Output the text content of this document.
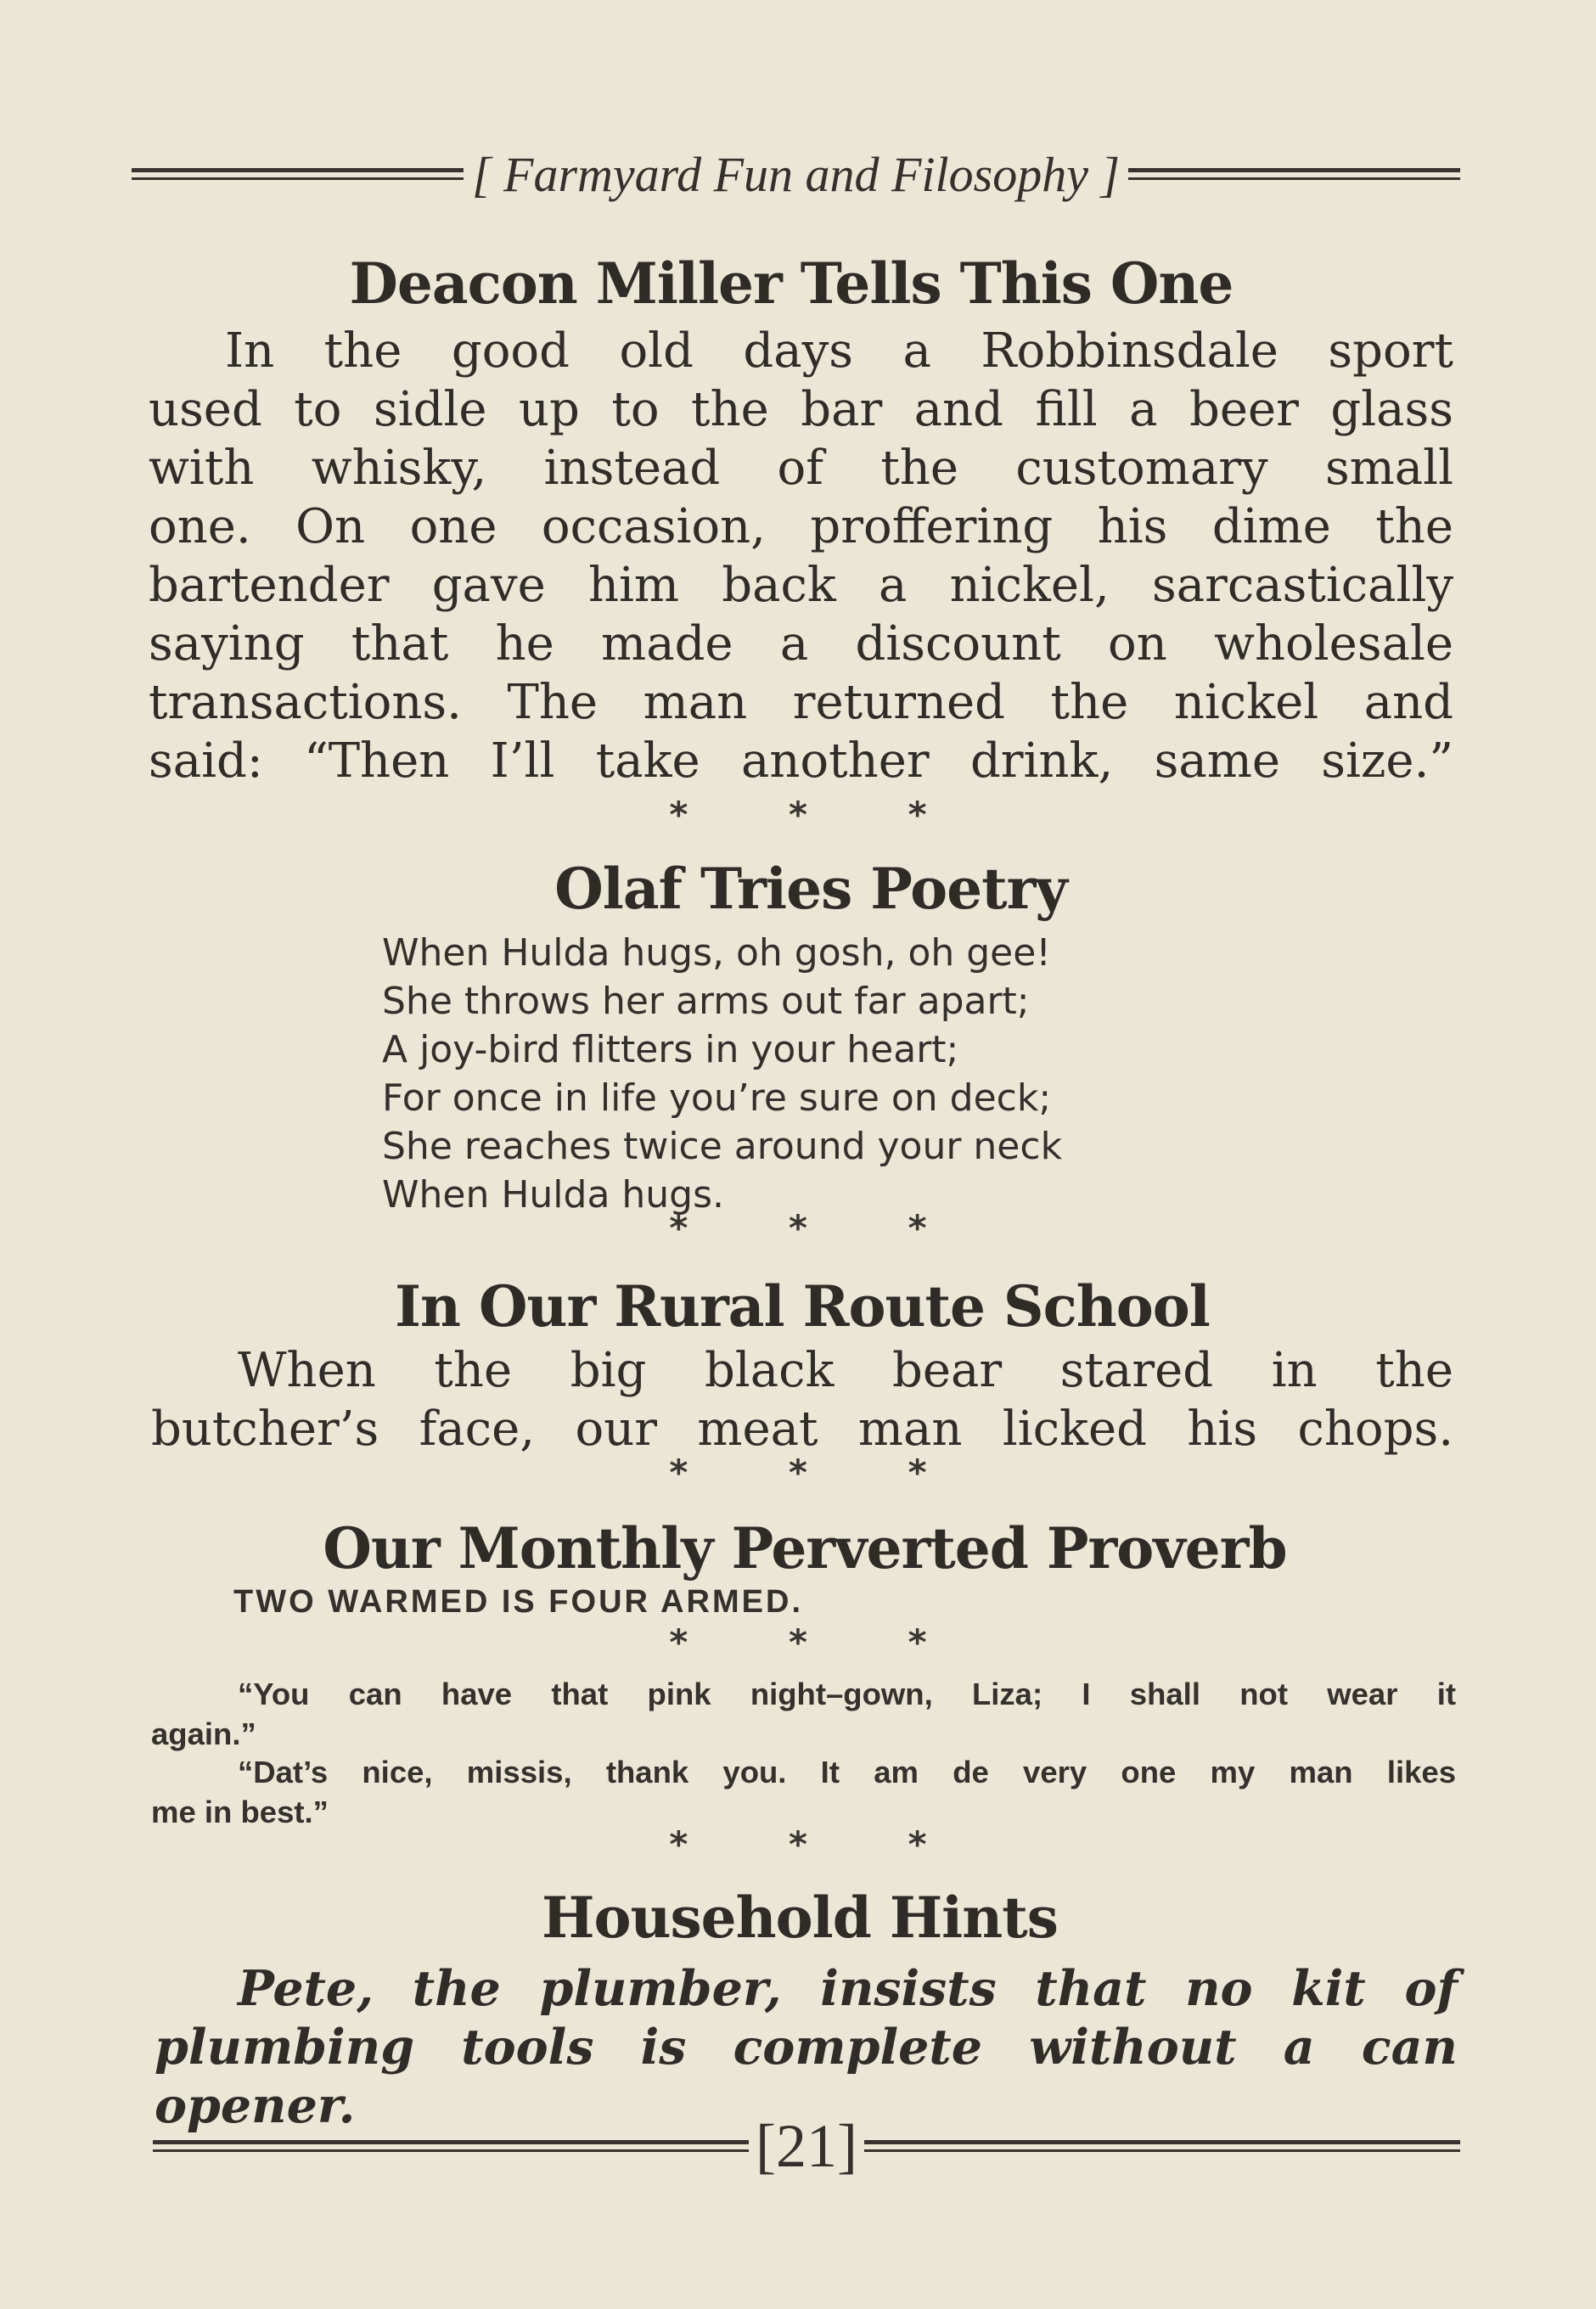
[ Farmyard Fun and Filosophy ]
Deacon Miller Tells This One

In the good old days a Robbinsdale sport

used to sidle up to the bar and fill a beer glass

with whisky, instead of the customary small

one. On one occasion, proffering his dime the

bartender gave him back a nickel, sarcastically

saying that he made a discount on wholesale

transactions. The man returned the nickel and

said: “Then I’ll take another drink, same size.”

* * *
Olaf Tries Poetry
When Hulda hugs, oh gosh, oh gee!
She throws her arms out far apart;
A joy-bird flitters in your heart;
For once in life you’re sure on deck;
She reaches twice around your neck
When Hulda hugs.
* * *
In Our Rural Route School

When the big black bear stared in the

butcher’s face, our meat man licked his chops.

* * *
Our Monthly Perverted Proverb

TWO WARMED IS FOUR ARMED.

* * *

“You can have that pink night–gown, Liza; I shall not wear it

again.”

“Dat’s nice, missis, thank you. It am de very one my man likes

me in best.”

* * *
Household Hints

Pete, the plumber, insists that no kit of

plumbing tools is complete without a can opener.

[21]
